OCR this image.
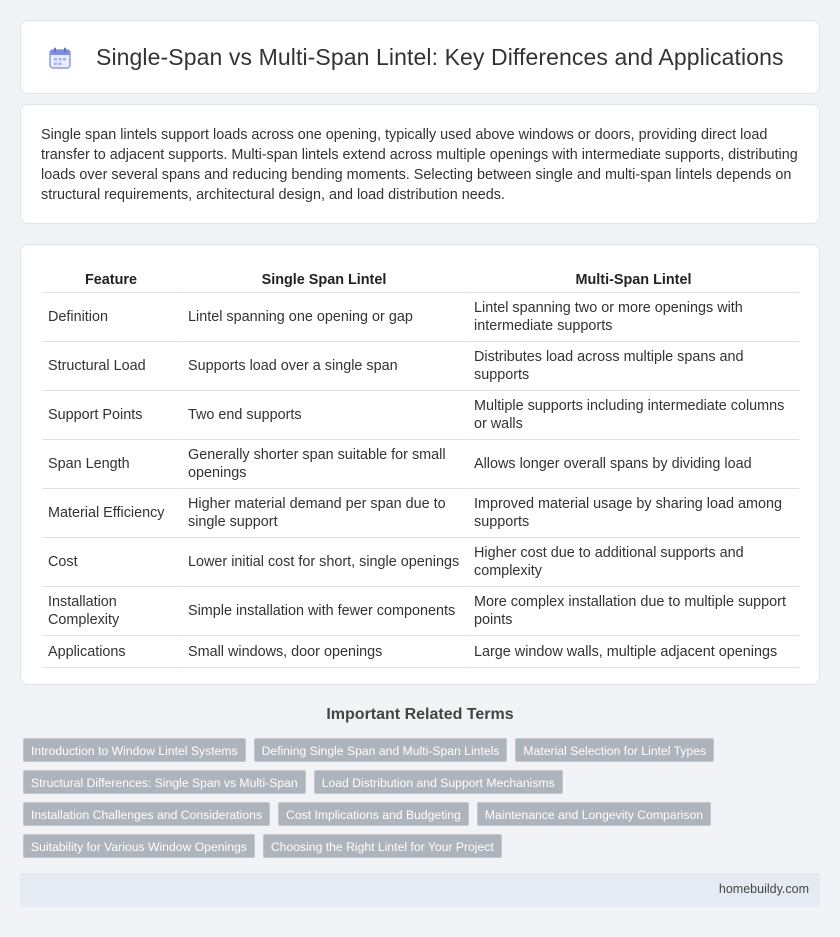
Single-Span vs Multi-Span Lintel: Key Differences and Applications

Single span lintels support loads across one opening, typically used above windows or doors, providing direct load transfer to adjacent supports. Multi-span lintels extend across multiple openings with intermediate supports, distributing loads over several spans and reducing bending moments. Selecting between single and multi-span lintels depends on structural requirements, architectural design, and load distribution needs.

Feature	Single Span Lintel	Multi-Span Lintel
Definition	Lintel spanning one opening or gap	Lintel spanning two or more openings with intermediate supports
Structural Load	Supports load over a single span	Distributes load across multiple spans and supports
Support Points	Two end supports	Multiple supports including intermediate columns or walls
Span Length	Generally shorter span suitable for small openings	Allows longer overall spans by dividing load
Material Efficiency	Higher material demand per span due to single support	Improved material usage by sharing load among supports
Cost	Lower initial cost for short, single openings	Higher cost due to additional supports and complexity
Installation Complexity	Simple installation with fewer components	More complex installation due to multiple support points
Applications	Small windows, door openings	Large window walls, multiple adjacent openings
Important Related Terms
Introduction to Window Lintel Systems	Defining Single Span and Multi-Span Lintels	Material Selection for Lintel Types
Structural Differences: Single Span vs Multi-Span	Load Distribution and Support Mechanisms
Installation Challenges and Considerations	Cost Implications and Budgeting	Maintenance and Longevity Comparison
Suitability for Various Window Openings	Choosing the Right Lintel for Your Project
homebuildy.com
